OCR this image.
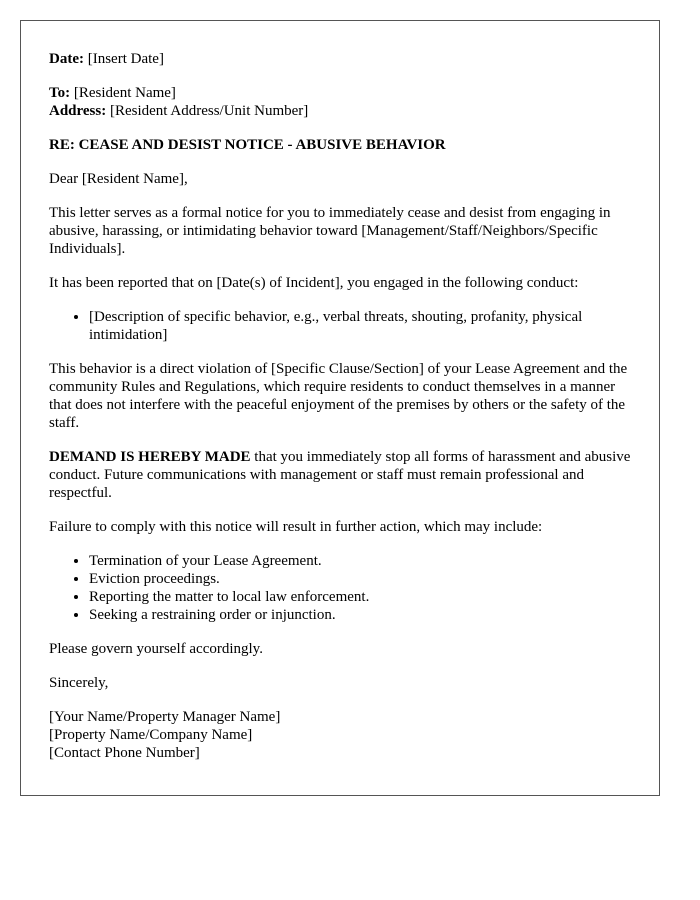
Date: [Insert Date]

To: [Resident Name]

Address: [Resident Address/Unit Number]

RE: CEASE AND DESIST NOTICE - ABUSIVE BEHAVIOR

Dear [Resident Name],

This letter serves as a formal notice for you to immediately cease and desist from engaging in abusive, harassing, or intimidating behavior toward [Management/Staff/Neighbors/Specific Individuals].

It has been reported that on [Date(s) of Incident], you engaged in the following conduct:

• [Description of specific behavior, e.g., verbal threats, shouting, profanity, physical intimidation]

This behavior is a direct violation of [Specific Clause/Section] of your Lease Agreement and the community Rules and Regulations, which require residents to conduct themselves in a manner that does not interfere with the peaceful enjoyment of the premises by others or the safety of the staff.

DEMAND IS HEREBY MADE that you immediately stop all forms of harassment and abusive conduct. Future communications with management or staff must remain professional and respectful.

Failure to comply with this notice will result in further action, which may include:

• Termination of your Lease Agreement.
• Eviction proceedings.
• Reporting the matter to local law enforcement.
• Seeking a restraining order or injunction.

Please govern yourself accordingly.

Sincerely,

[Your Name/Property Manager Name]

[Property Name/Company Name]

[Contact Phone Number]
